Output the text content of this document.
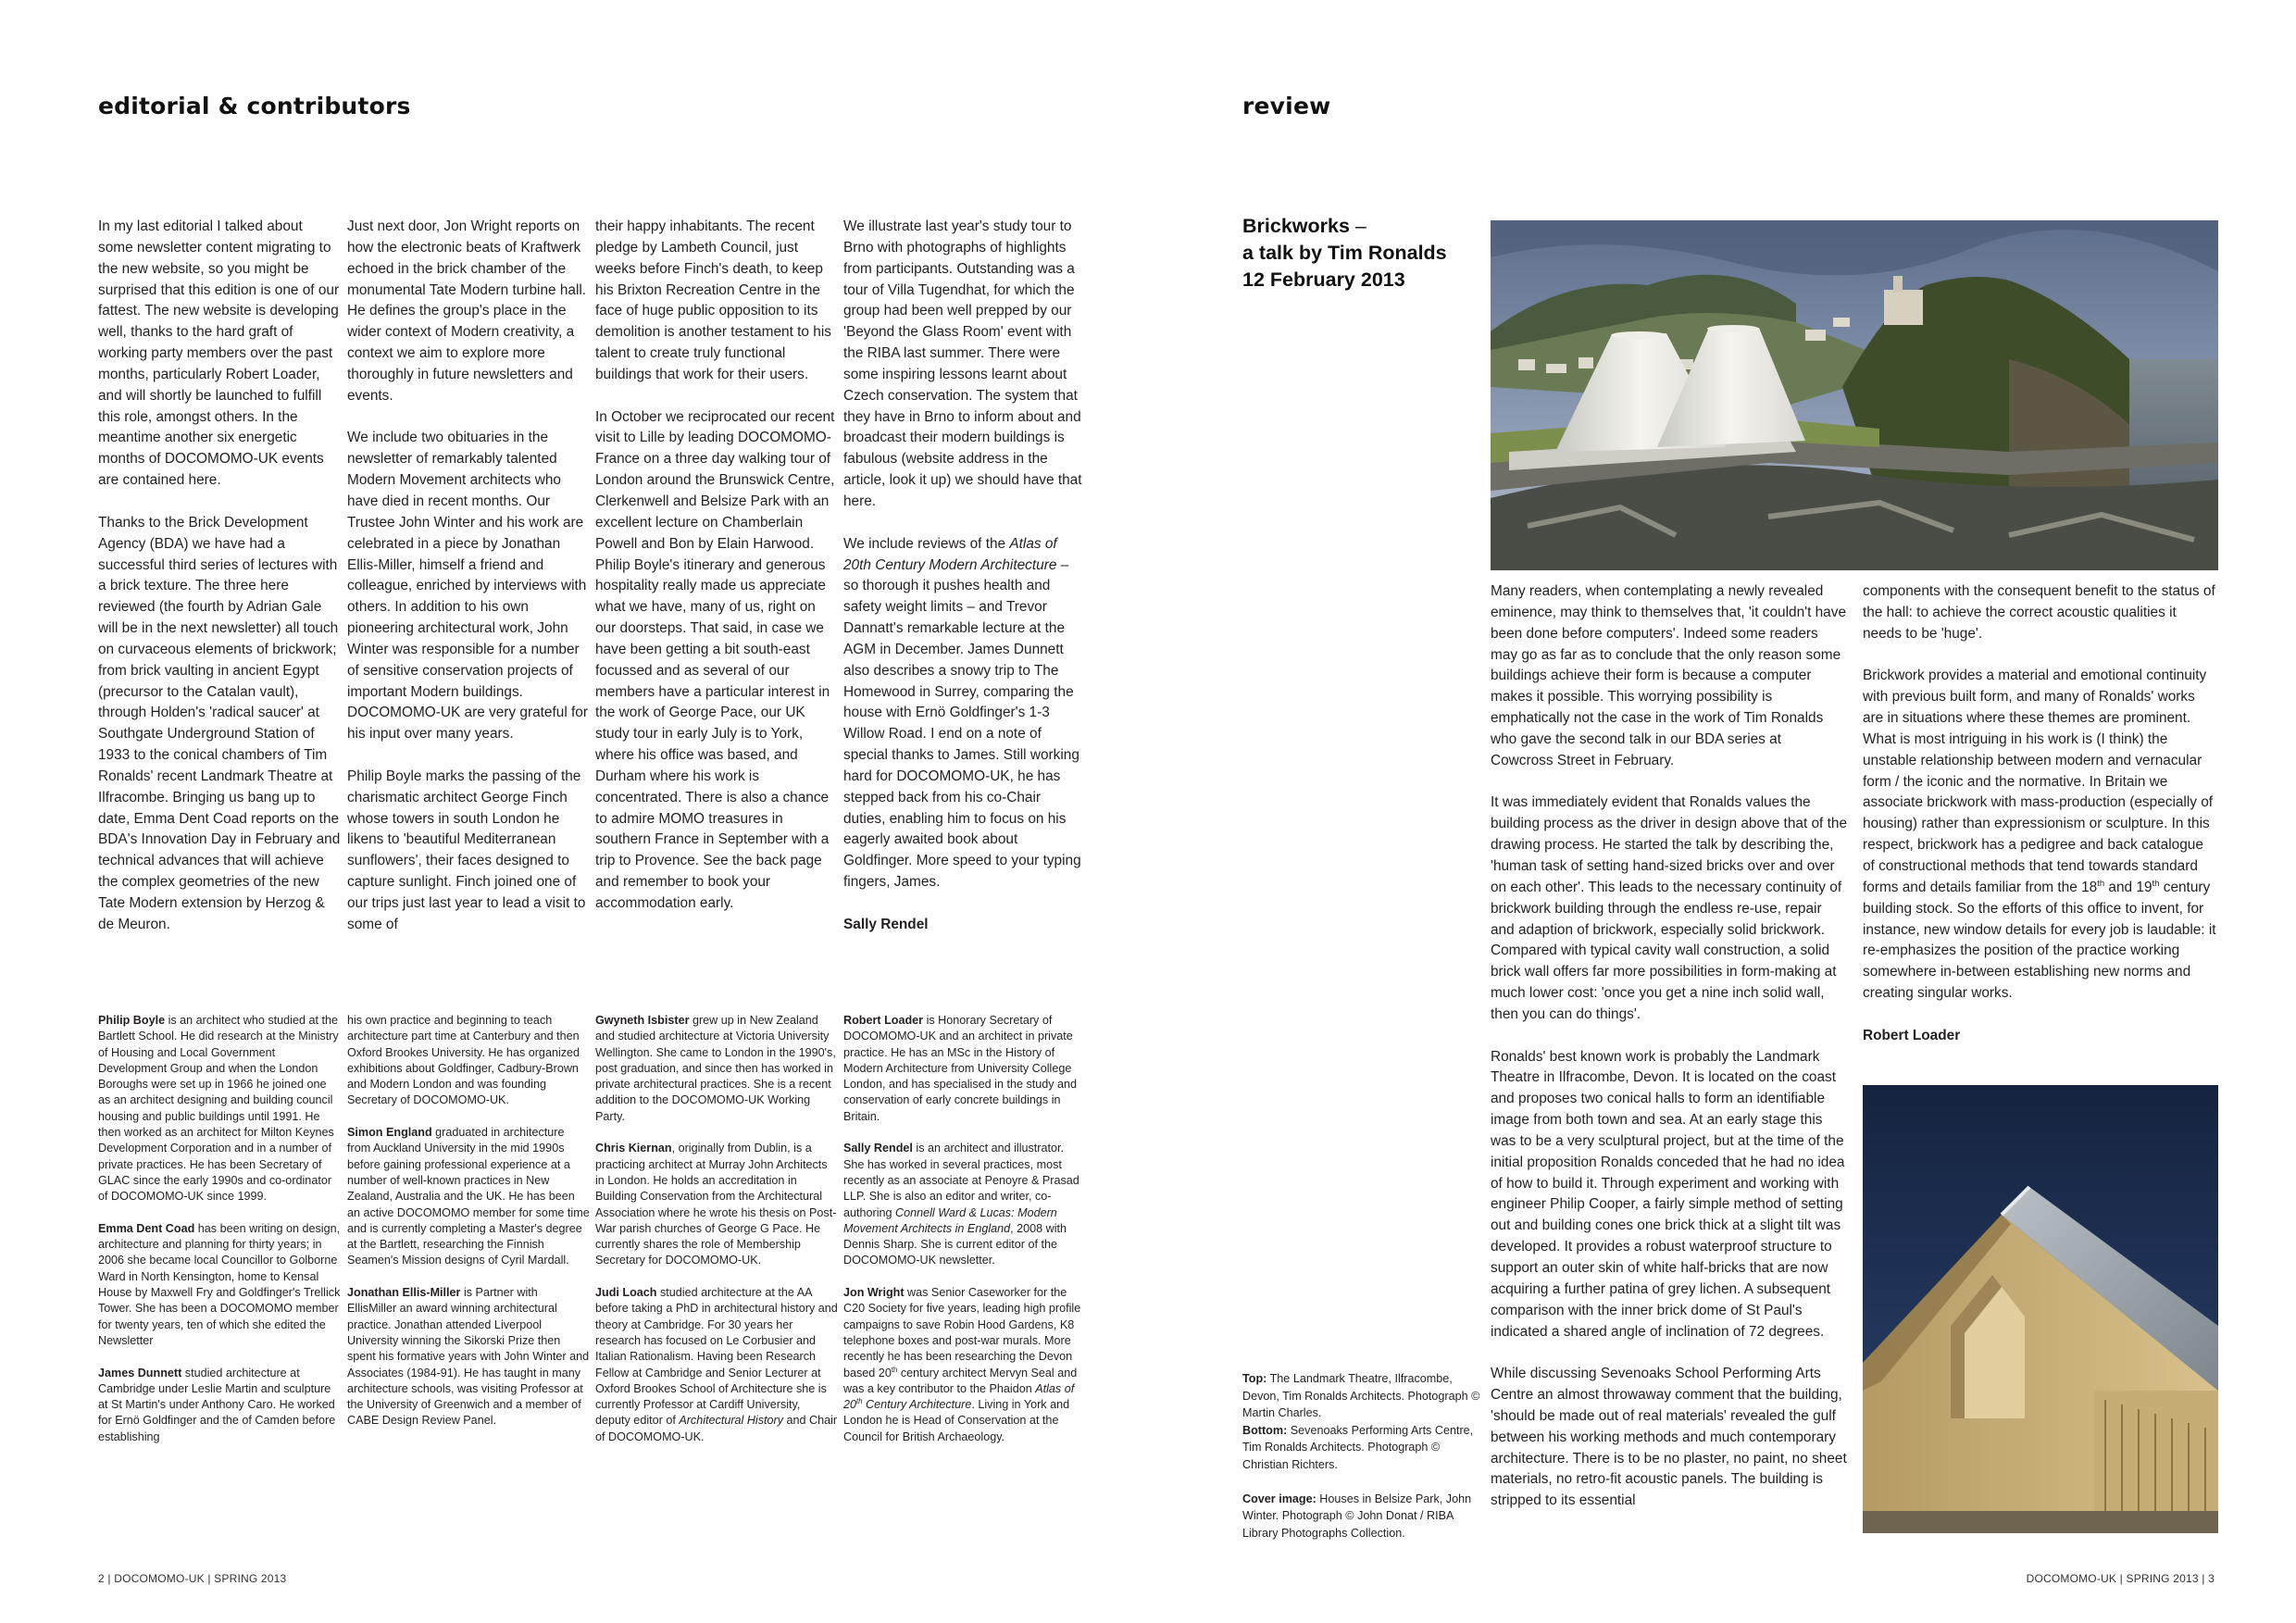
editorial & contributors

In my last editorial I talked about some newsletter content migrating to the new website, so you might be surprised that this edition is one of our fattest. The new website is developing well, thanks to the hard graft of working party members over the past months, particularly Robert Loader, and will shortly be launched to fulfill this role, amongst others. In the meantime another six energetic months of DOCOMOMO-UK events are contained here.

Thanks to the Brick Development Agency (BDA) we have had a successful third series of lectures with a brick texture. The three here reviewed (the fourth by Adrian Gale will be in the next newsletter) all touch on curvaceous elements of brickwork; from brick vaulting in ancient Egypt (precursor to the Catalan vault), through Holden's 'radical saucer' at Southgate Underground Station of 1933 to the conical chambers of Tim Ronalds' recent Landmark Theatre at Ilfracombe. Bringing us bang up to date, Emma Dent Coad reports on the BDA's Innovation Day in February and technical advances that will achieve the complex geometries of the new Tate Modern extension by Herzog & de Meuron.

Just next door, Jon Wright reports on how the electronic beats of Kraftwerk echoed in the brick chamber of the monumental Tate Modern turbine hall. He defines the group's place in the wider context of Modern creativity, a context we aim to explore more thoroughly in future newsletters and events.

We include two obituaries in the newsletter of remarkably talented Modern Movement architects who have died in recent months. Our Trustee John Winter and his work are celebrated in a piece by Jonathan Ellis-Miller, himself a friend and colleague, enriched by interviews with others. In addition to his own pioneering architectural work, John Winter was responsible for a number of sensitive conservation projects of important Modern buildings. DOCOMOMO-UK are very grateful for his input over many years.

Philip Boyle marks the passing of the charismatic architect George Finch whose towers in south London he likens to 'beautiful Mediterranean sunflowers', their faces designed to capture sunlight. Finch joined one of our trips just last year to lead a visit to some of

their happy inhabitants. The recent pledge by Lambeth Council, just weeks before Finch's death, to keep his Brixton Recreation Centre in the face of huge public opposition to its demolition is another testament to his talent to create truly functional buildings that work for their users.

In October we reciprocated our recent visit to Lille by leading DOCOMOMO-France on a three day walking tour of London around the Brunswick Centre, Clerkenwell and Belsize Park with an excellent lecture on Chamberlain Powell and Bon by Elain Harwood. Philip Boyle's itinerary and generous hospitality really made us appreciate what we have, many of us, right on our doorsteps. That said, in case we have been getting a bit south-east focussed and as several of our members have a particular interest in the work of George Pace, our UK study tour in early July is to York, where his office was based, and Durham where his work is concentrated. There is also a chance to admire MOMO treasures in southern France in September with a trip to Provence. See the back page and remember to book your accommodation early.

We illustrate last year's study tour to Brno with photographs of highlights from participants. Outstanding was a tour of Villa Tugendhat, for which the group had been well prepped by our 'Beyond the Glass Room' event with the RIBA last summer. There were some inspiring lessons learnt about Czech conservation. The system that they have in Brno to inform about and broadcast their modern buildings is fabulous (website address in the article, look it up) we should have that here.

We include reviews of the Atlas of 20th Century Modern Architecture – so thorough it pushes health and safety weight limits – and Trevor Dannatt's remarkable lecture at the AGM in December. James Dunnett also describes a snowy trip to The Homewood in Surrey, comparing the house with Ernö Goldfinger's 1-3 Willow Road. I end on a note of special thanks to James. Still working hard for DOCOMOMO-UK, he has stepped back from his co-Chair duties, enabling him to focus on his eagerly awaited book about Goldfinger. More speed to your typing fingers, James.

Sally Rendel

Philip Boyle is an architect who studied at the Bartlett School. He did research at the Ministry of Housing and Local Government Development Group and when the London Boroughs were set up in 1966 he joined one as an architect designing and building council housing and public buildings until 1991. He then worked as an architect for Milton Keynes Development Corporation and in a number of private practices. He has been Secretary of GLAC since the early 1990s and co-ordinator of DOCOMOMO-UK since 1999.

Emma Dent Coad has been writing on design, architecture and planning for thirty years; in 2006 she became local Councillor to Golborne Ward in North Kensington, home to Kensal House by Maxwell Fry and Goldfinger's Trellick Tower. She has been a DOCOMOMO member for twenty years, ten of which she edited the Newsletter

James Dunnett studied architecture at Cambridge under Leslie Martin and sculpture at St Martin's under Anthony Caro. He worked for Ernö Goldfinger and the of Camden before establishing

his own practice and beginning to teach architecture part time at Canterbury and then Oxford Brookes University. He has organized exhibitions about Goldfinger, Cadbury-Brown and Modern London and was founding Secretary of DOCOMOMO-UK.

Simon England graduated in architecture from Auckland University in the mid 1990s before gaining professional experience at a number of well-known practices in New Zealand, Australia and the UK. He has been an active DOCOMOMO member for some time and is currently completing a Master's degree at the Bartlett, researching the Finnish Seamen's Mission designs of Cyril Mardall.

Jonathan Ellis-Miller is Partner with EllisMiller an award winning architectural practice. Jonathan attended Liverpool University winning the Sikorski Prize then spent his formative years with John Winter and Associates (1984-91). He has taught in many architecture schools, was visiting Professor at the University of Greenwich and a member of CABE Design Review Panel.

Gwyneth Isbister grew up in New Zealand and studied architecture at Victoria University Wellington. She came to London in the 1990's, post graduation, and since then has worked in private architectural practices. She is a recent addition to the DOCOMOMO-UK Working Party.

Chris Kiernan, originally from Dublin, is a practicing architect at Murray John Architects in London. He holds an accreditation in Building Conservation from the Architectural Association where he wrote his thesis on Post-War parish churches of George G Pace. He currently shares the role of Membership Secretary for DOCOMOMO-UK.

Judi Loach studied architecture at the AA before taking a PhD in architectural history and theory at Cambridge. For 30 years her research has focused on Le Corbusier and Italian Rationalism. Having been Research Fellow at Cambridge and Senior Lecturer at Oxford Brookes School of Architecture she is currently Professor at Cardiff University, deputy editor of Architectural History and Chair of DOCOMOMO-UK.

Robert Loader is Honorary Secretary of DOCOMOMO-UK and an architect in private practice. He has an MSc in the History of Modern Architecture from University College London, and has specialised in the study and conservation of early concrete buildings in Britain.

Sally Rendel is an architect and illustrator. She has worked in several practices, most recently as an associate at Penoyre & Prasad LLP. She is also an editor and writer, co-authoring Connell Ward & Lucas: Modern Movement Architects in England, 2008 with Dennis Sharp. She is current editor of the DOCOMOMO-UK newsletter.

Jon Wright was Senior Caseworker for the C20 Society for five years, leading high profile campaigns to save Robin Hood Gardens, K8 telephone boxes and post-war murals. More recently he has been researching the Devon based 20th century architect Mervyn Seal and was a key contributor to the Phaidon Atlas of 20th Century Architecture. Living in York and London he is Head of Conservation at the Council for British Archaeology.

2 | DOCOMOMO-UK | SPRING 2013
review
Brickworks –
a talk by Tim Ronalds
12 February 2013

Many readers, when contemplating a newly revealed eminence, may think to themselves that, 'it couldn't have been done before computers'. Indeed some readers may go as far as to conclude that the only reason some buildings achieve their form is because a computer makes it possible. This worrying possibility is emphatically not the case in the work of Tim Ronalds who gave the second talk in our BDA series at Cowcross Street in February.

It was immediately evident that Ronalds values the building process as the driver in design above that of the drawing process. He started the talk by describing the, 'human task of setting hand-sized bricks over and over on each other'. This leads to the necessary continuity of brickwork building through the endless re-use, repair and adaption of brickwork, especially solid brickwork. Compared with typical cavity wall construction, a solid brick wall offers far more possibilities in form-making at much lower cost: 'once you get a nine inch solid wall, then you can do things'.

Ronalds' best known work is probably the Landmark Theatre in Ilfracombe, Devon. It is located on the coast and proposes two conical halls to form an identifiable image from both town and sea. At an early stage this was to be a very sculptural project, but at the time of the initial proposition Ronalds conceded that he had no idea of how to build it. Through experiment and working with engineer Philip Cooper, a fairly simple method of setting out and building cones one brick thick at a slight tilt was developed. It provides a robust waterproof structure to support an outer skin of white half-bricks that are now acquiring a further patina of grey lichen. A subsequent comparison with the inner brick dome of St Paul's indicated a shared angle of inclination of 72 degrees.

While discussing Sevenoaks School Performing Arts Centre an almost throwaway comment that the building, 'should be made out of real materials' revealed the gulf between his working methods and much contemporary architecture. There is to be no plaster, no paint, no sheet materials, no retro-fit acoustic panels. The building is stripped to its essential

components with the consequent benefit to the status of the hall: to achieve the correct acoustic qualities it needs to be 'huge'.

Brickwork provides a material and emotional continuity with previous built form, and many of Ronalds' works are in situations where these themes are prominent. What is most intriguing in his work is (I think) the unstable relationship between modern and vernacular form / the iconic and the normative. In Britain we associate brickwork with mass-production (especially of housing) rather than expressionism or sculpture. In this respect, brickwork has a pedigree and back catalogue of constructional methods that tend towards standard forms and details familiar from the 18th and 19th century building stock. So the efforts of this office to invent, for instance, new window details for every job is laudable: it re-emphasizes the position of the practice working somewhere in-between establishing new norms and creating singular works.

Robert Loader

Top: The Landmark Theatre, Ilfracombe, Devon, Tim Ronalds Architects. Photograph © Martin Charles.
Bottom: Sevenoaks Performing Arts Centre, Tim Ronalds Architects. Photograph © Christian Richters.

Cover image: Houses in Belsize Park, John Winter. Photograph © John Donat / RIBA Library Photographs Collection.

DOCOMOMO-UK | SPRING 2013 | 3
